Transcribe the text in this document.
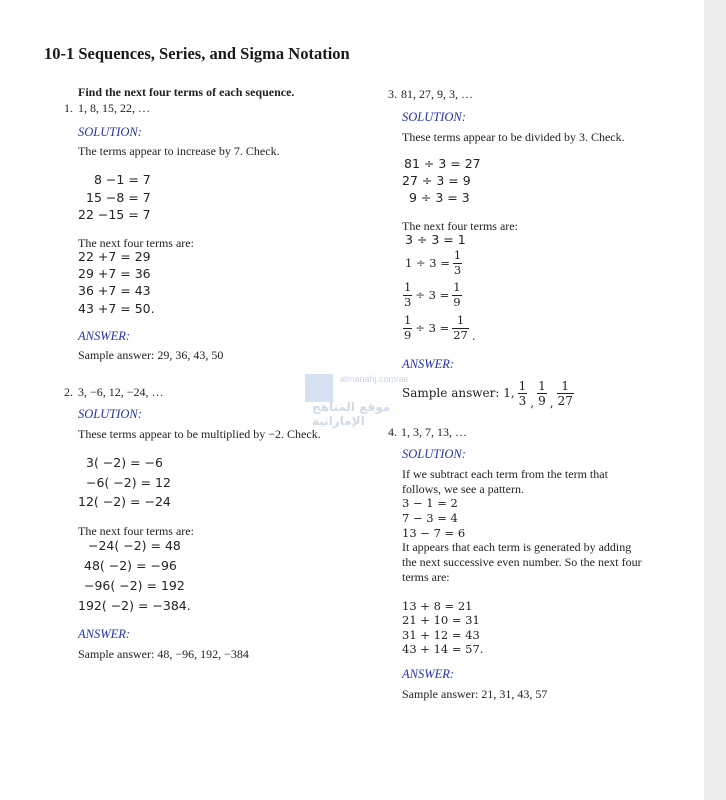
almanahj.com/ae
موقع المناهج الإماراتية
10-1 Sequences, Series, and Sigma Notation
Find the next four terms of each sequence.
1. 1, 8, 15, 22, …
SOLUTION:
The terms appear to increase by 7. Check.
8 −1 = 7
15 −8 = 7
22 −15 = 7
The next four terms are:
22 +7 = 29
29 +7 = 36
36 +7 = 43
43 +7 = 50.
ANSWER:
Sample answer: 29, 36, 43, 50
2. 3, −6, 12, −24, …
SOLUTION:
These terms appear to be multiplied by −2. Check.
3( −2) = −6
−6( −2) = 12
12( −2) = −24
The next four terms are:
−24( −2) = 48
48( −2) = −96
−96( −2) = 192
192( −2) = −384.
ANSWER:
Sample answer: 48, −96, 192, −384
3. 81, 27, 9, 3, …
SOLUTION:
These terms appear to be divided by 3. Check.
81 ÷ 3 = 27
27 ÷ 3 = 9
9 ÷ 3 = 3
The next four terms are:
3 ÷ 3 = 1
$1 \div 3 = \frac{1}{3}$
$\frac{1}{3} \div 3 = \frac{1}{9}$
$\frac{1}{9} \div 3 = \frac{1}{27}$ .
ANSWER:
Sample answer: 1, $\frac{1}{3}$ , $\frac{1}{9}$ , $\frac{1}{27}$
4. 1, 3, 7, 13, …
SOLUTION:
If we subtract each term from the term that
follows, we see a pattern.
3 − 1 = 2
7 − 3 = 4
13 − 7 = 6
It appears that each term is generated by adding
the next successive even number. So the next four
terms are:
13 + 8 = 21
21 + 10 = 31
31 + 12 = 43
43 + 14 = 57.
ANSWER:
Sample answer: 21, 31, 43, 57
